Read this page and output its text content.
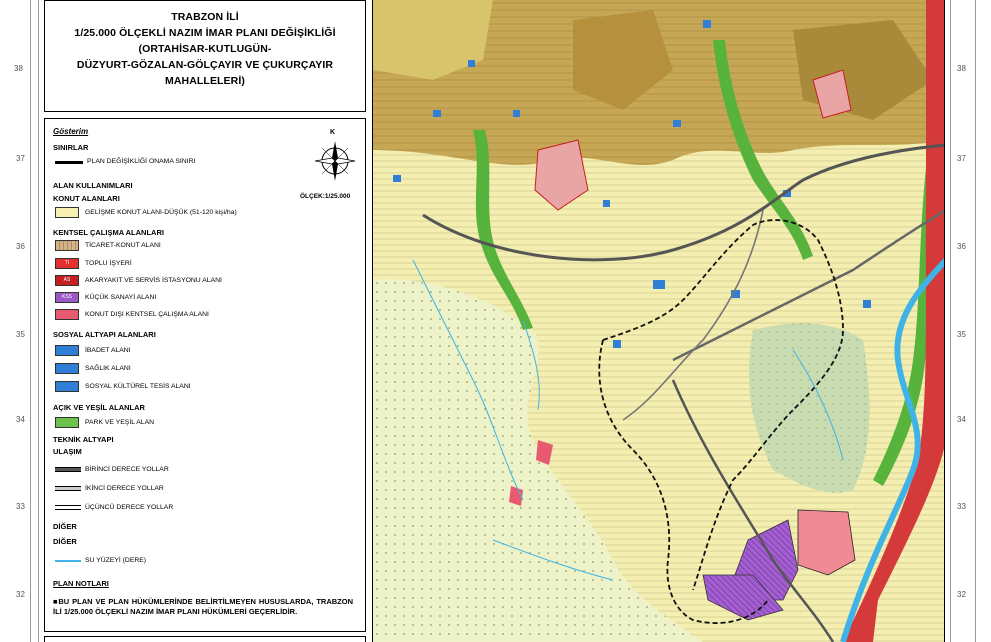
38
37
36
35
34
33
32
38
37
36
35
34
33
32
TRABZON İLİ
1/25.000 ÖLÇEKLİ NAZIM İMAR PLANI DEĞİŞİKLİĞİ
(ORTAHİSAR-KUTLUGÜN-
DÜZYURT-GÖZALAN-GÖLÇAYIR VE ÇUKURÇAYIR
MAHALLELERİ)
Gösterim	K
ÖLÇEK:1/25.000
SINIRLAR
PLAN DEĞİŞİKLİĞİ ONAMA SINIRI
ALAN KULLANIMLARI
KONUT ALANLARI
GELİŞME KONUT ALANI-DÜŞÜK (51-120 kişi/ha)
KENTSEL ÇALIŞMA ALANLARI
TİCARET-KONUT ALANI
TI	TOPLU İŞYERİ
AS	AKARYAKIT VE SERVİS İSTASYONU ALANI
KSS	KÜÇÜK SANAYİ ALANI
KONUT DIŞI KENTSEL ÇALIŞMA ALANI
SOSYAL ALTYAPI ALANLARI
İBADET ALANI
SAĞLIK ALANI
SOSYAL KÜLTÜREL TESİS ALANI
AÇIK VE YEŞİL ALANLAR
PARK VE YEŞİL ALAN
TEKNİK ALTYAPI
ULAŞIM
BİRİNCİ DERECE YOLLAR
İKİNCİ DERECE YOLLAR
ÜÇÜNCÜ DERECE YOLLAR
DİĞER
DİĞER
SU YÜZEYİ (DERE)
PLAN NOTLARI
■BU PLAN VE PLAN HÜKÜMLERİNDE BELİRTİLMEYEN HUSUSLARDA, TRABZON İLİ 1/25.000 ÖLÇEKLİ NAZIM İMAR PLANI HÜKÜMLERİ GEÇERLİDİR.
